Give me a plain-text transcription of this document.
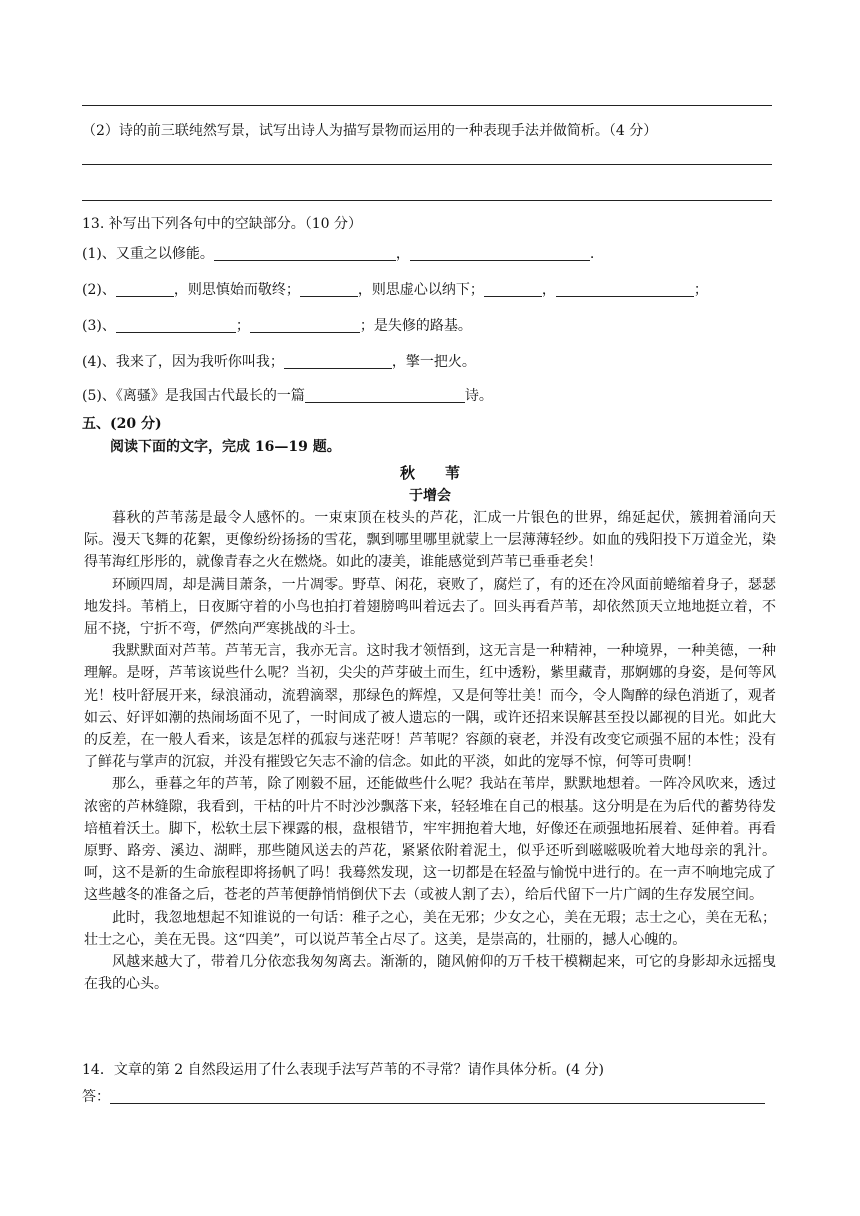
（2）诗的前三联纯然写景，试写出诗人为描写景物而运用的一种表现手法并做简析。（4 分）
13. 补写出下列各句中的空缺部分。（10 分）
(1)、又重之以修能。	，	.
(2)、	，则思慎始而敬终；	，则思虚心以纳下；	，	；
(3)、	；	；是失修的路基。
(4)、我来了，因为我听你叫我；	，擎一把火。
(5)、《离骚》是我国古代最长的一篇	诗。
五、(20 分)
阅读下面的文字，完成 16—19 题。
秋　　苇
于增会

暮秋的芦苇荡是最令人感怀的。一束束顶在枝头的芦花，汇成一片银色的世界，绵延起伏，簇拥着涌向天际。漫天飞舞的花絮，更像纷纷扬扬的雪花，飘到哪里哪里就蒙上一层薄薄轻纱。如血的残阳投下万道金光，染得苇海红彤彤的，就像青春之火在燃烧。如此的凄美，谁能感觉到芦苇已垂垂老矣！

环顾四周，却是满目萧条，一片凋零。野草、闲花，衰败了，腐烂了，有的还在冷风面前蜷缩着身子，瑟瑟地发抖。苇梢上，日夜厮守着的小鸟也拍打着翅膀鸣叫着远去了。回头再看芦苇，却依然顶天立地地挺立着，不屈不挠，宁折不弯，俨然向严寒挑战的斗士。

我默默面对芦苇。芦苇无言，我亦无言。这时我才领悟到，这无言是一种精神，一种境界，一种美德，一种理解。是呀，芦苇该说些什么呢？当初，尖尖的芦芽破土而生，红中透粉，紫里藏青，那婀娜的身姿，是何等风光！枝叶舒展开来，绿浪涌动，流碧滴翠，那绿色的辉煌，又是何等壮美！而今，令人陶醉的绿色消逝了，观者如云、好评如潮的热闹场面不见了，一时间成了被人遗忘的一隅，或许还招来误解甚至投以鄙视的目光。如此大的反差，在一般人看来，该是怎样的孤寂与迷茫呀！芦苇呢？容颜的衰老，并没有改变它顽强不屈的本性；没有了鲜花与掌声的沉寂，并没有摧毁它矢志不渝的信念。如此的平淡，如此的宠辱不惊，何等可贵啊！

那么，垂暮之年的芦苇，除了刚毅不屈，还能做些什么呢？我站在苇岸，默默地想着。一阵冷风吹来，透过浓密的芦林缝隙，我看到，干枯的叶片不时沙沙飘落下来，轻轻堆在自己的根基。这分明是在为后代的蓄势待发培植着沃土。脚下，松软土层下裸露的根，盘根错节，牢牢拥抱着大地，好像还在顽强地拓展着、延伸着。再看原野、路旁、溪边、湖畔，那些随风送去的芦花，紧紧依附着泥土，似乎还听到嗞嗞吸吮着大地母亲的乳汁。呵，这不是新的生命旅程即将扬帆了吗！我蓦然发现，这一切都是在轻盈与愉悦中进行的。在一声不响地完成了这些越冬的准备之后，苍老的芦苇便静悄悄倒伏下去（或被人割了去），给后代留下一片广阔的生存发展空间。

此时，我忽地想起不知谁说的一句话：稚子之心，美在无邪；少女之心，美在无瑕；志士之心，美在无私；壮士之心，美在无畏。这“四美”，可以说芦苇全占尽了。这美，是崇高的，壮丽的，撼人心魄的。

风越来越大了，带着几分依恋我匆匆离去。渐渐的，随风俯仰的万千枝干模糊起来，可它的身影却永远摇曳在我的心头。

14．文章的第 2 自然段运用了什么表现手法写芦苇的不寻常？请作具体分析。(4 分)
答：
